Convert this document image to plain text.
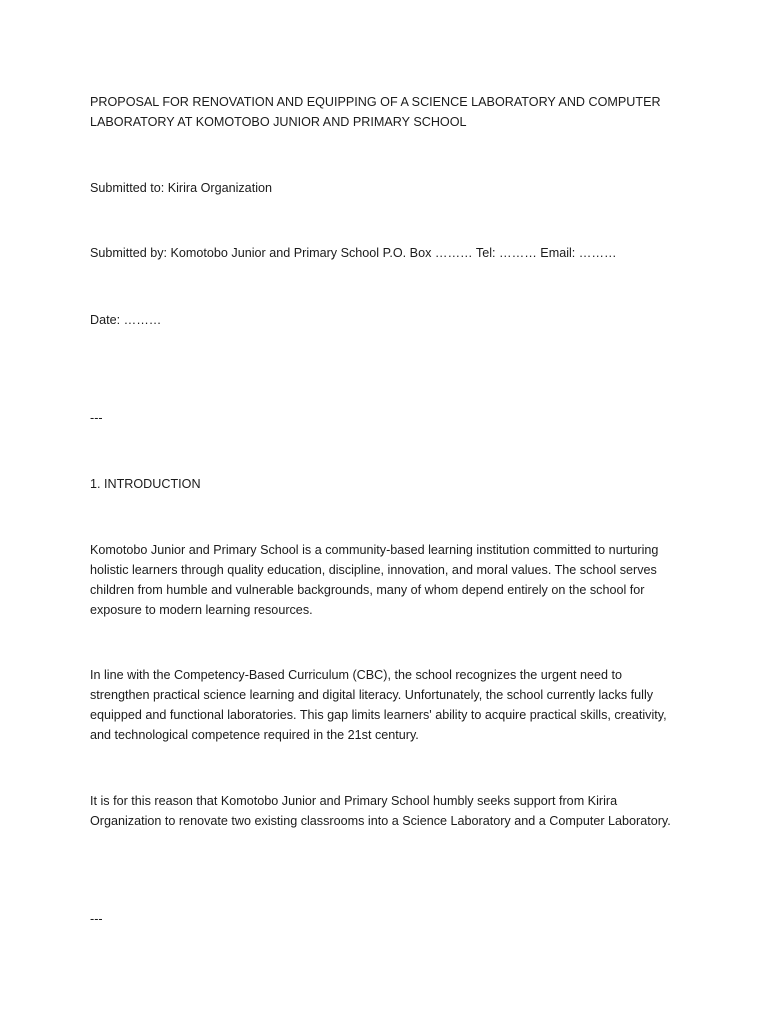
PROPOSAL FOR RENOVATION AND EQUIPPING OF A SCIENCE LABORATORY AND COMPUTER

LABORATORY AT KOMOTOBO JUNIOR AND PRIMARY SCHOOL

Submitted to: Kirira Organization

Submitted by: Komotobo Junior and Primary School P.O. Box ……… Tel: ……… Email: ………

Date: ………

---

1. INTRODUCTION

Komotobo Junior and Primary School is a community-based learning institution committed to nurturing
holistic learners through quality education, discipline, innovation, and moral values. The school serves
children from humble and vulnerable backgrounds, many of whom depend entirely on the school for
exposure to modern learning resources.
In line with the Competency-Based Curriculum (CBC), the school recognizes the urgent need to
strengthen practical science learning and digital literacy. Unfortunately, the school currently lacks fully
equipped and functional laboratories. This gap limits learners' ability to acquire practical skills, creativity,
and technological competence required in the 21st century.
It is for this reason that Komotobo Junior and Primary School humbly seeks support from Kirira
Organization to renovate two existing classrooms into a Science Laboratory and a Computer Laboratory.

---
